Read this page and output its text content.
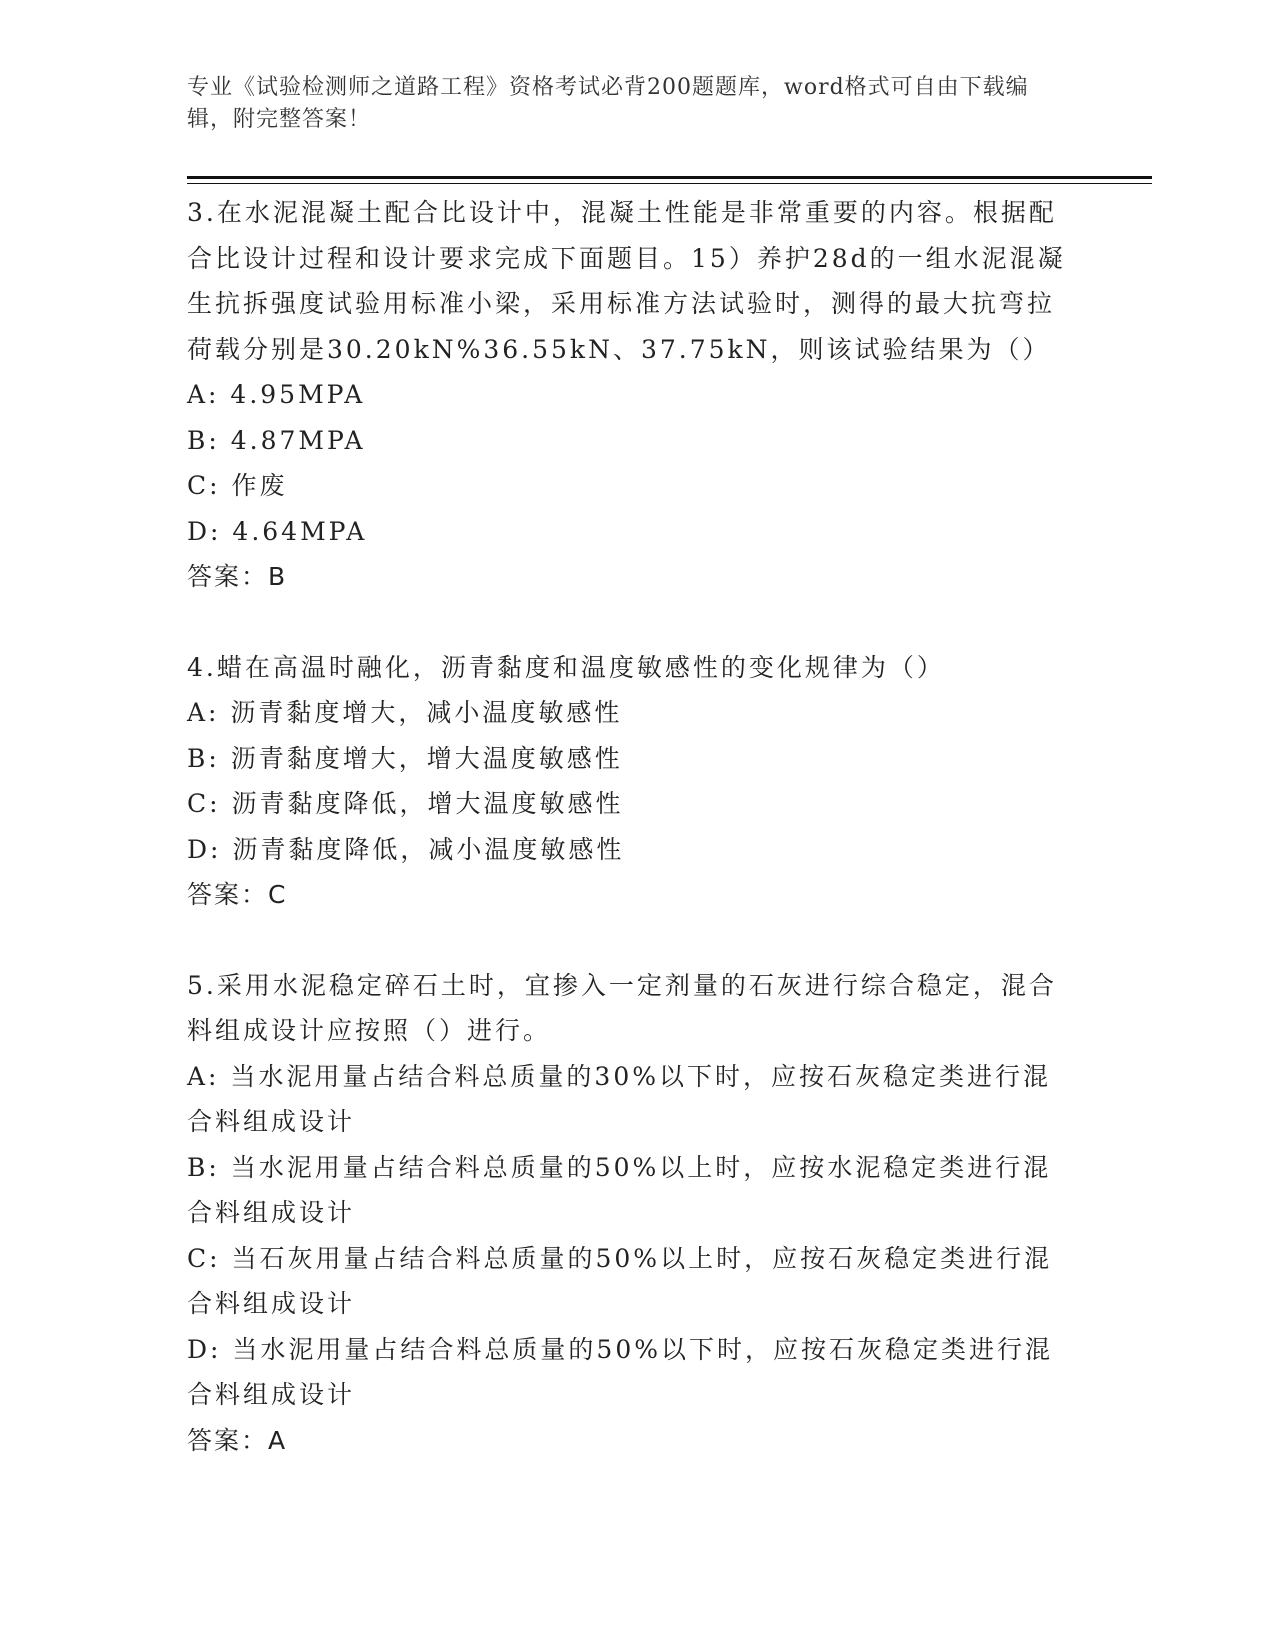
专业《试验检测师之道路工程》资格考试必背200题题库，word格式可自由下载编辑，附完整答案！

3.在水泥混凝土配合比设计中，混凝土性能是非常重要的内容。根据配合比设计过程和设计要求完成下面题目。15）养护28d的一组水泥混凝生抗拆强度试验用标准小梁，采用标准方法试验时，测得的最大抗弯拉荷载分别是30.20kN%36.55kN、37.75kN，则该试验结果为（）

A: 4.95MPA

B: 4.87MPA

C: 作废

D: 4.64MPA

答案：B

4.蜡在高温时融化，沥青黏度和温度敏感性的变化规律为（）

A: 沥青黏度增大，减小温度敏感性

B: 沥青黏度增大，增大温度敏感性

C: 沥青黏度降低，增大温度敏感性

D: 沥青黏度降低，减小温度敏感性

答案：C

5.采用水泥稳定碎石土时，宜掺入一定剂量的石灰进行综合稳定，混合料组成设计应按照（）进行。

A: 当水泥用量占结合料总质量的30%以下时，应按石灰稳定类进行混合料组成设计

B: 当水泥用量占结合料总质量的50%以上时，应按水泥稳定类进行混合料组成设计

C: 当石灰用量占结合料总质量的50%以上时，应按石灰稳定类进行混合料组成设计

D: 当水泥用量占结合料总质量的50%以下时，应按石灰稳定类进行混合料组成设计

答案：A
